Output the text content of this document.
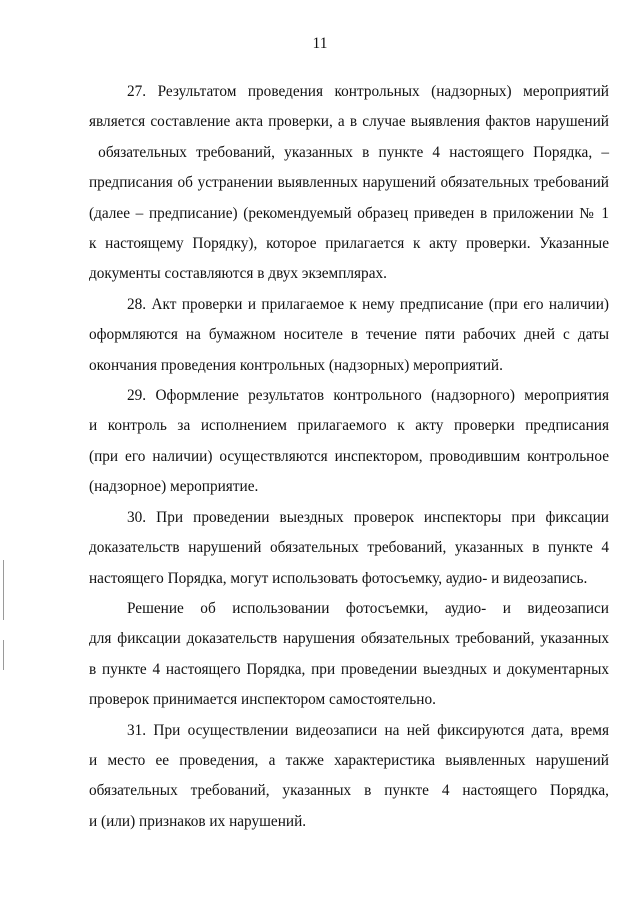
11

27. Результатом проведения контрольных (надзорных) мероприятий
является составление акта проверки, а в случае выявления фактов нарушений
обязательных требований, указанных в пункте 4 настоящего Порядка, –
предписания об устранении выявленных нарушений обязательных требований
(далее – предписание) (рекомендуемый образец приведен в приложении № 1
к настоящему Порядку), которое прилагается к акту проверки. Указанные
документы составляются в двух экземплярах.

28. Акт проверки и прилагаемое к нему предписание (при его наличии)
оформляются на бумажном носителе в течение пяти рабочих дней с даты
окончания проведения контрольных (надзорных) мероприятий.

29. Оформление результатов контрольного (надзорного) мероприятия
и контроль за исполнением прилагаемого к акту проверки предписания
(при его наличии) осуществляются инспектором, проводившим контрольное
(надзорное) мероприятие.

30. При проведении выездных проверок инспекторы при фиксации
доказательств нарушений обязательных требований, указанных в пункте 4
настоящего Порядка, могут использовать фотосъемку, аудио- и видеозапись.

Решение об использовании фотосъемки, аудио- и видеозаписи
для фиксации доказательств нарушения обязательных требований, указанных
в пункте 4 настоящего Порядка, при проведении выездных и документарных
проверок принимается инспектором самостоятельно.

31. При осуществлении видеозаписи на ней фиксируются дата, время
и место ее проведения, а также характеристика выявленных нарушений
обязательных требований, указанных в пункте 4 настоящего Порядка,
и (или) признаков их нарушений.
